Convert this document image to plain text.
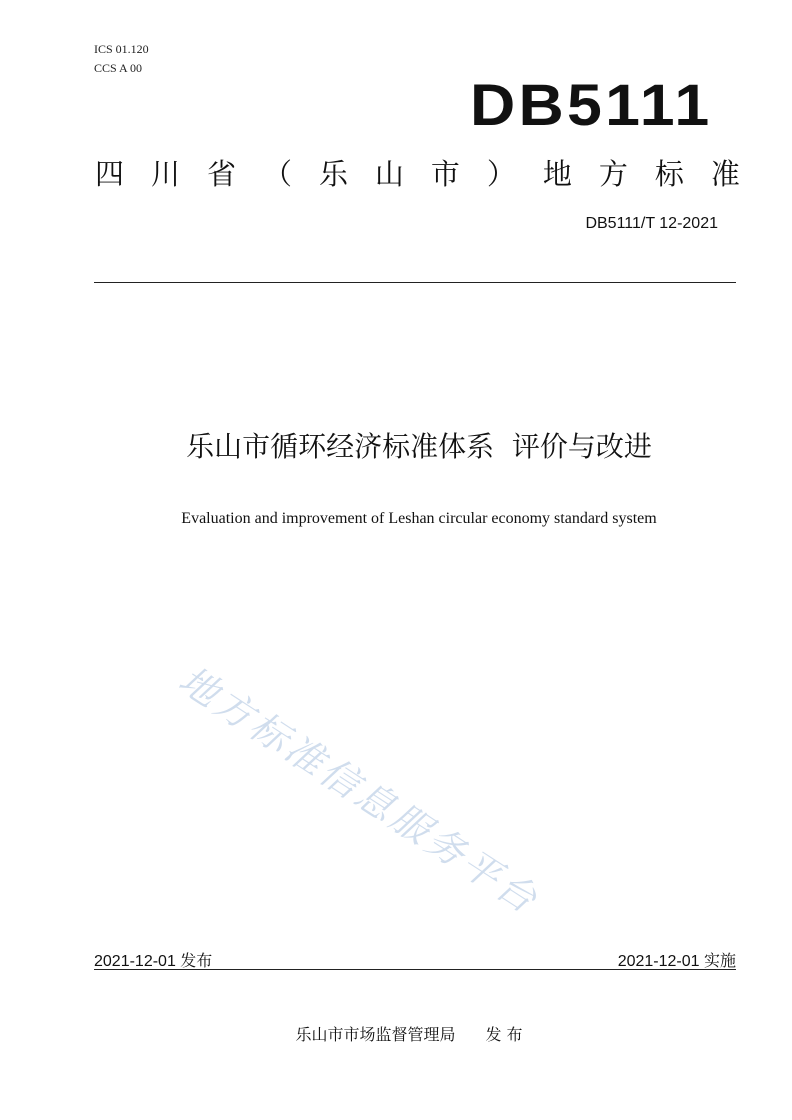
ICS 01.120
CCS A 00
DB5111
四 川 省 （ 乐 山 市 ） 地 方 标 准
DB5111/T 12-2021
乐山市循环经济标准体系  评价与改进
Evaluation and improvement of Leshan circular economy standard system
地方标准信息服务平台
2021-12-01 发布	2021-12-01 实施
乐山市市场监督管理局 发 布
